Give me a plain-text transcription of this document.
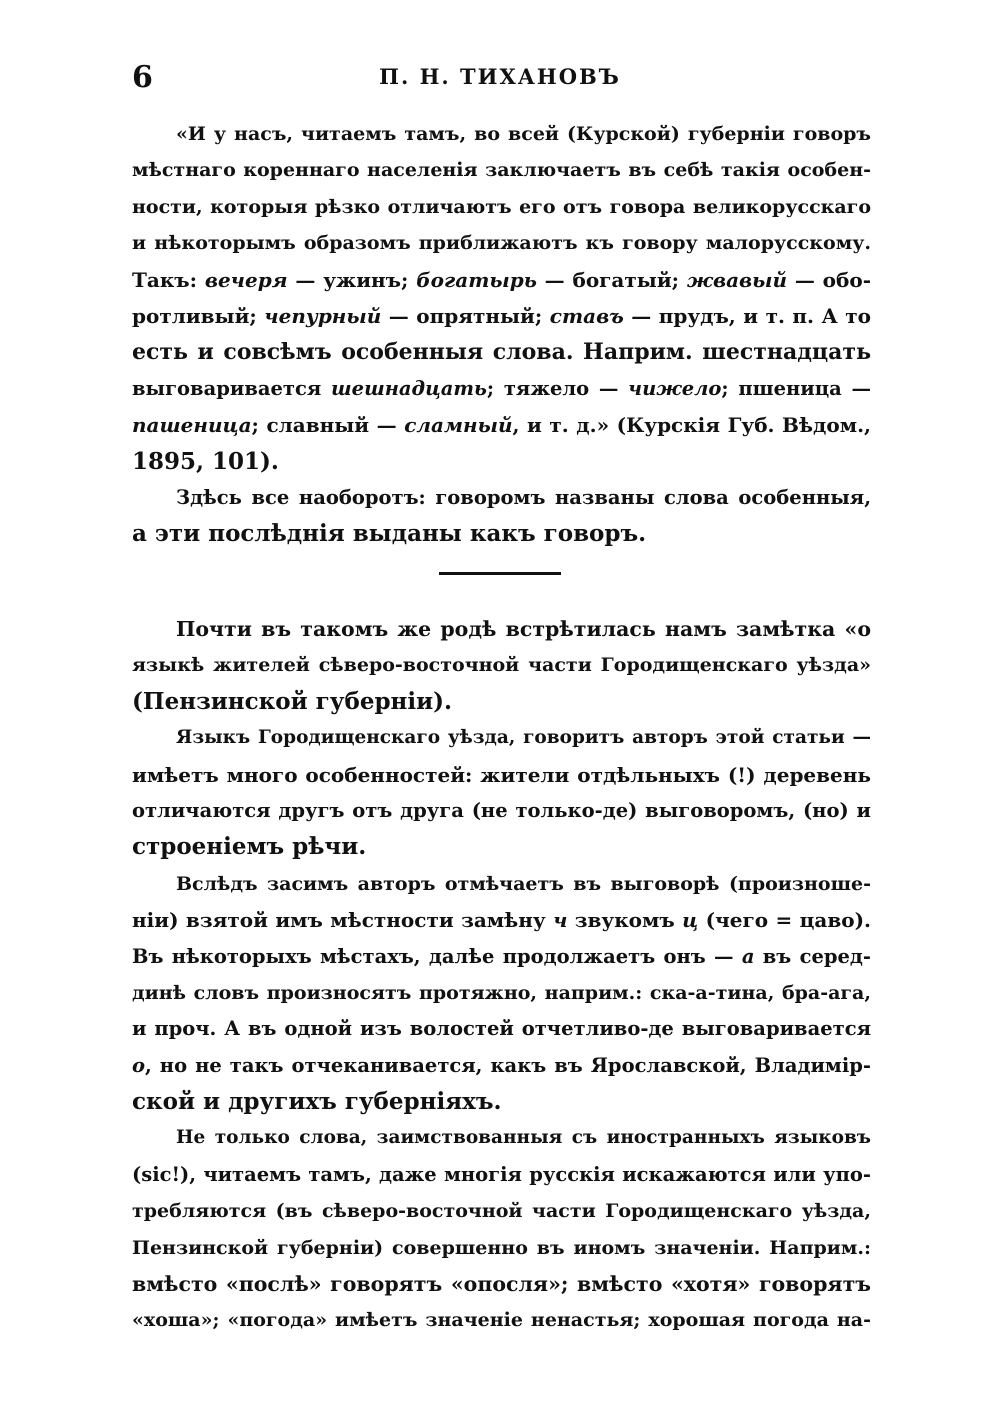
6	П. Н. ТИХАНОВЪ
«И у насъ, читаемъ тамъ, во всей (Курской) губерніи говоръ
мѣстнаго кореннаго населенія заключаетъ въ себѣ такія особен-
ности, которыя рѣзко отличаютъ его отъ говора великорусскаго
и нѣкоторымъ образомъ приближаютъ къ говору малорусскому.
Такъ: вечеря — ужинъ; богатырь — богатый; жвавый — обо-
ротливый; чепурный — опрятный; ставъ — прудъ, и т. п. А то
есть и совсѣмъ особенныя слова. Наприм. шестнадцать
выговаривается шешнадцать; тяжело — чижело; пшеница —
пашеница; славный — сламный, и т. д.» (Курскія Губ. Вѣдом.,
1895, 101).
Здѣсь все наоборотъ: говоромъ названы слова особенныя,
а эти послѣднія выданы какъ говоръ.
Почти въ такомъ же родѣ встрѣтилась намъ замѣтка «о
языкѣ жителей сѣверо-восточной части Городищенскаго уѣзда»
(Пензинской губерніи).
Языкъ Городищенскаго уѣзда, говоритъ авторъ этой статьи —
имѣетъ много особенностей: жители отдѣльныхъ (!) деревень
отличаются другъ отъ друга (не только-де) выговоромъ, (но) и
строеніемъ рѣчи.
Вслѣдъ засимъ авторъ отмѣчаетъ въ выговорѣ (произноше-
ніи) взятой имъ мѣстности замѣну ч звукомъ ц (чего = цаво).
Въ нѣкоторыхъ мѣстахъ, далѣе продолжаетъ онъ — а въ серед-
динѣ словъ произносятъ протяжно, наприм.: ска-а-тина, бра-ага,
и проч. А въ одной изъ волостей отчетливо-де выговаривается
о, но не такъ отчеканивается, какъ въ Ярославской, Владимір-
ской и другихъ губерніяхъ.
Не только слова, заимствованныя съ иностранныхъ языковъ
(sic!), читаемъ тамъ, даже многія русскія искажаются или упо-
требляются (въ сѣверо-восточной части Городищенскаго уѣзда,
Пензинской губерніи) совершенно въ иномъ значеніи. Наприм.:
вмѣсто «послѣ» говорятъ «опосля»; вмѣсто «хотя» говорятъ
«хоша»; «погода» имѣетъ значеніе ненастья; хорошая погода на-
